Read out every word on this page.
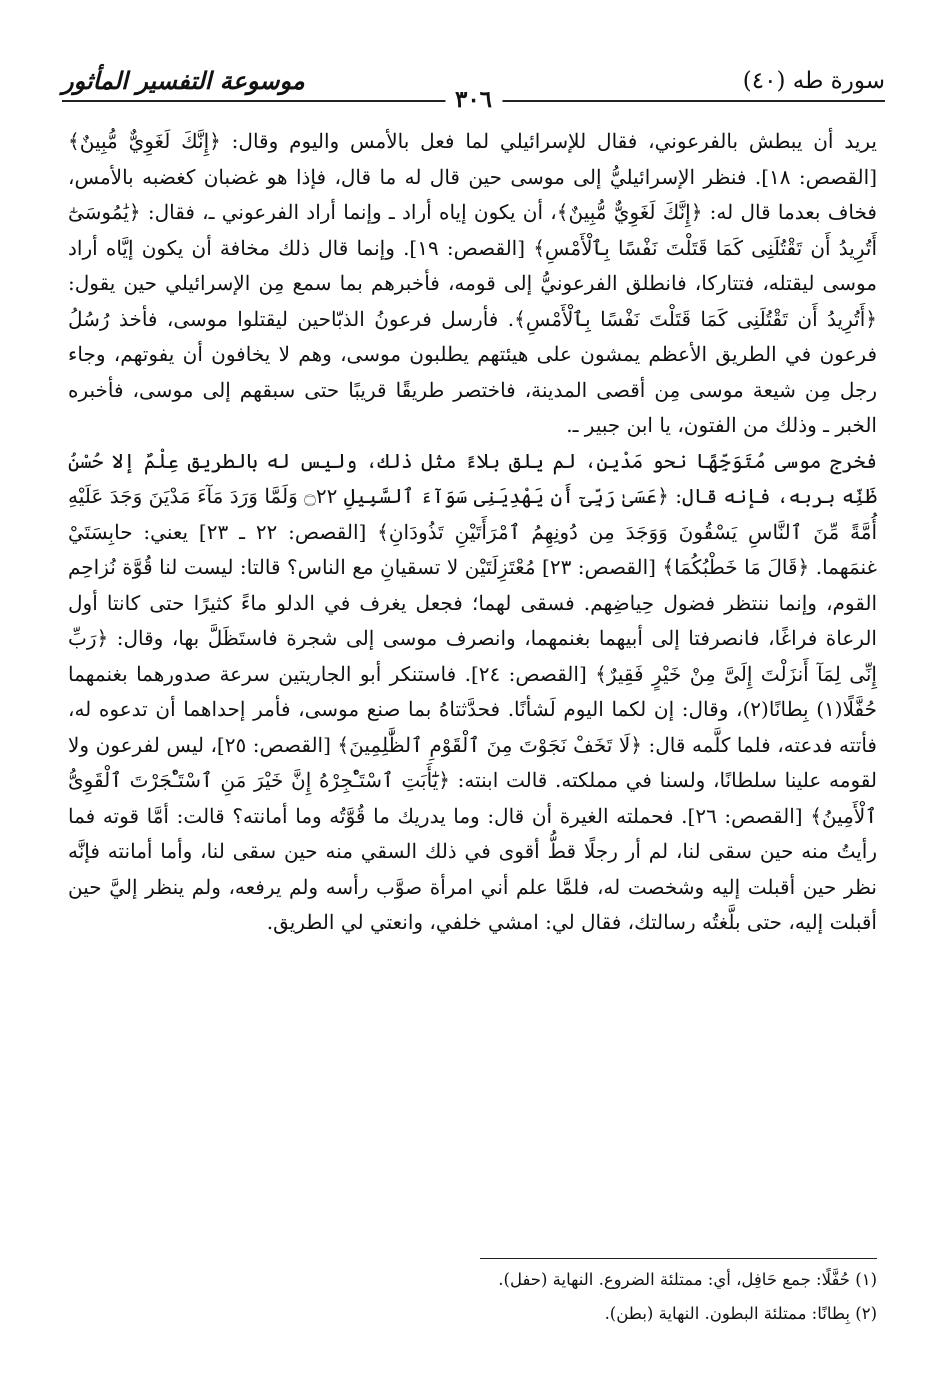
سورة طه (٤٠)
موسوعة التفسير المأثور
٣٠٦

يريد أن يبطش بالفرعوني، فقال للإسرائيلي لما فعل بالأمس واليوم وقال: ﴿إِنَّكَ لَغَوِيٌّ مُّبِينٌ﴾ [القصص: ١٨]. فنظر الإسرائيليُّ إلى موسى حين قال له ما قال، فإذا هو غضبان كغضبه بالأمس، فخاف بعدما قال له: ﴿إِنَّكَ لَغَوِيٌّ مُّبِينٌ﴾، أن يكون إياه أراد ـ وإنما أراد الفرعوني ـ، فقال: ﴿يَٰمُوسَىٰٓ أَتُرِيدُ أَن تَقْتُلَنِى كَمَا قَتَلْتَ نَفْسًا بِٱلْأَمْسِ﴾ [القصص: ١٩]. وإنما قال ذلك مخافة أن يكون إيَّاه أراد موسى ليقتله، فتتاركا، فانطلق الفرعونيُّ إلى قومه، فأخبرهم بما سمع مِن الإسرائيلي حين يقول: ﴿أَتُرِيدُ أَن تَقْتُلَنِى كَمَا قَتَلْتَ نَفْسًا بِٱلْأَمْسِ﴾. فأرسل فرعونُ الذبّاحين ليقتلوا موسى، فأخذ رُسُلُ فرعون في الطريق الأعظم يمشون على هيئتهم يطلبون موسى، وهم لا يخافون أن يفوتهم، وجاء رجل مِن شيعة موسى مِن أقصى المدينة، فاختصر طريقًا قريبًا حتى سبقهم إلى موسى، فأخبره الخبر ـ وذلك من الفتون، يا ابن جبير ـ.

فخرج موسى مُتَوَجِّهًا نحو مَدْين، لم يلق بلاءً مثل ذلك، وليس له بالطريق عِلْمٌ إلا حُسْنُ ظَنِّه بربه، فإنه قال: ﴿عَسَىٰ رَبِّىٓ أَن يَهْدِيَنِى سَوَآءَ ٱلسَّبِيلِ ۝٢٢ وَلَمَّا وَرَدَ مَآءَ مَدْيَنَ وَجَدَ عَلَيْهِ أُمَّةً مِّنَ ٱلنَّاسِ يَسْقُونَ وَوَجَدَ مِن دُونِهِمُ ٱمْرَأَتَيْنِ تَذُودَانِ﴾ [القصص: ٢٢ ـ ٢٣] يعني: حابِسَتَيْ غنمَهما. ﴿قَالَ مَا خَطْبُكُمَا﴾ [القصص: ٢٣] مُعْتَزِلَتَيْن لا تسقيانِ مع الناس؟ قالتا: ليست لنا قُوَّة نُزاحِم القوم، وإنما ننتظر فضول حِياضِهم. فسقى لهما؛ فجعل يغرف في الدلو ماءً كثيرًا حتى كانتا أول الرعاة فراغًا، فانصرفتا إلى أبيهما بغنمهما، وانصرف موسى إلى شجرة فاستَظَلَّ بها، وقال: ﴿رَبِّ إِنِّى لِمَآ أَنزَلْتَ إِلَىَّ مِنْ خَيْرٍ فَقِيرٌ﴾ [القصص: ٢٤]. فاستنكر أبو الجاريتين سرعة صدورهما بغنمهما حُفَّلًا(١) بِطانًا(٢)، وقال: إن لكما اليوم لَشأنًا. فحدَّثتاهُ بما صنع موسى، فأمر إحداهما أن تدعوه له، فأتته فدعته، فلما كلَّمه قال: ﴿لَا تَخَفْ نَجَوْتَ مِنَ ٱلْقَوْمِ ٱلظَّٰلِمِينَ﴾ [القصص: ٢٥]، ليس لفرعون ولا لقومه علينا سلطانًا، ولسنا في مملكته. قالت ابنته: ﴿يَٰٓأَبَتِ ٱسْتَـْٔجِرْهُ إِنَّ خَيْرَ مَنِ ٱسْتَـْٔجَرْتَ ٱلْقَوِىُّ ٱلْأَمِينُ﴾ [القصص: ٢٦]. فحملته الغيرة أن قال: وما يدريك ما قُوَّتُه وما أمانته؟ قالت: أمَّا قوته فما رأيتُ منه حين سقى لنا، لم أر رجلًا قطُّ أقوى في ذلك السقي منه حين سقى لنا، وأما أمانته فإنَّه نظر حين أقبلت إليه وشخصت له، فلمَّا علم أني امرأة صوَّب رأسه ولم يرفعه، ولم ينظر إليَّ حين أقبلت إليه، حتى بلَّغتُه رسالتك، فقال لي: امشي خلفي، وانعتي لي الطريق.

(١) حُفَّلًا: جمع حَافِل، أي: ممتلئة الضروع. النهاية (حفل).

(٢) بِطانًا: ممتلئة البطون. النهاية (بطن).
